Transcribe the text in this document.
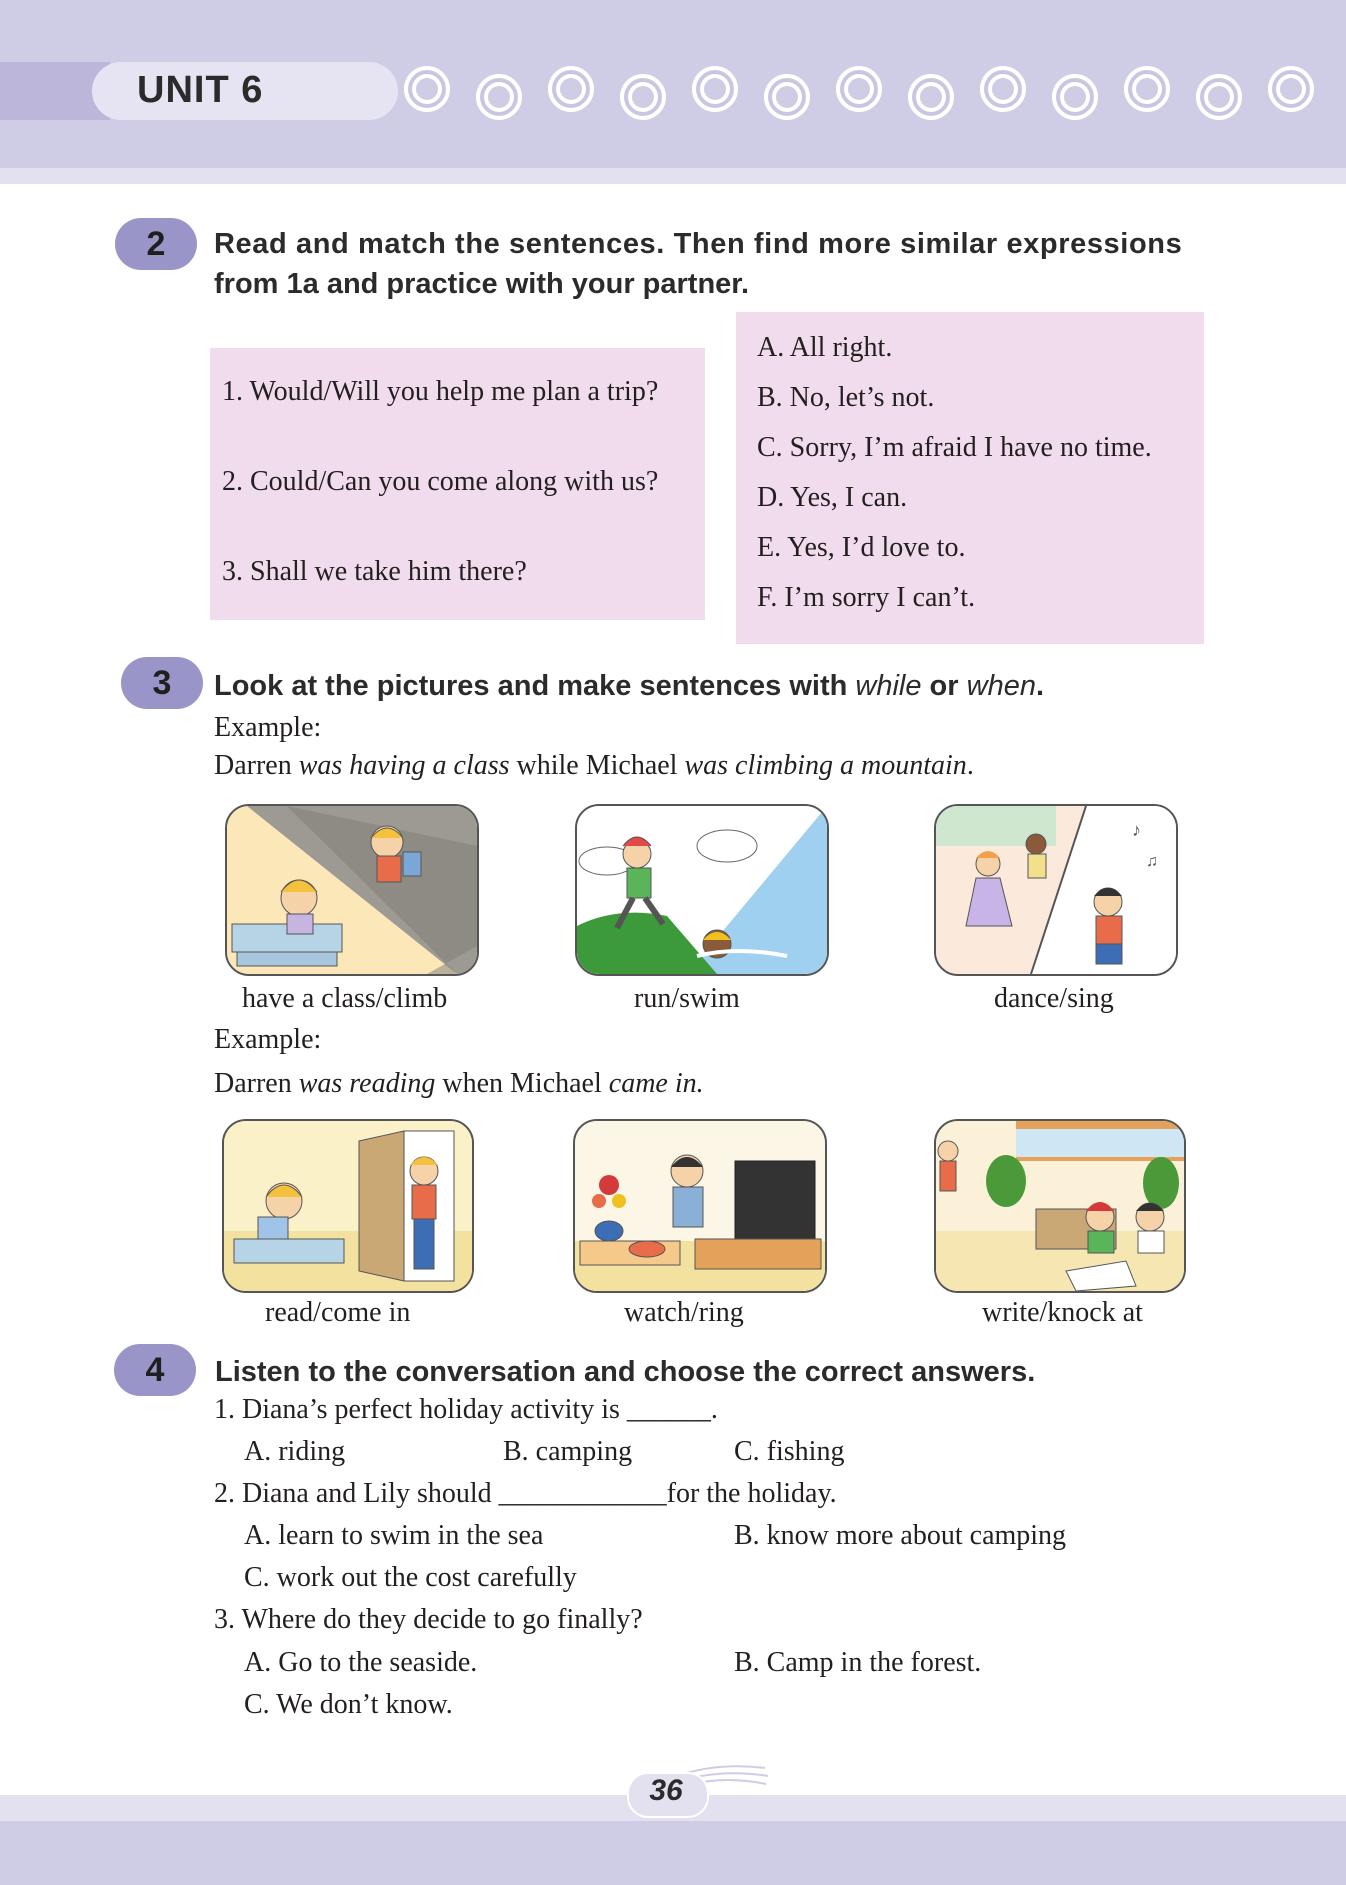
UNIT 6
2	Read and match the sentences. Then find more similar expressions
from 1a and practice with your partner.
1. Would/Will you help me plan a trip?
2. Could/Can you come along with us?
3. Shall we take him there?
A. All right.
B. No, let’s not.
C. Sorry, I’m afraid I have no time.
D. Yes, I can.
E. Yes, I’d love to.
F. I’m sorry I can’t.
3	Look at the pictures and make sentences with while or when.
Example:
Darren was having a class while Michael was climbing a mountain.
♪
♫
have a class/climb	run/swim	dance/sing
Example:
Darren was reading when Michael came in.
read/come in	watch/ring	write/knock at
4	Listen to the conversation and choose the correct answers.
1. Diana’s perfect holiday activity is ______.
A. riding	B. camping	C. fishing
2. Diana and Lily should ____________for the holiday.
A. learn to swim in the sea	B. know more about camping
C. work out the cost carefully
3. Where do they decide to go finally?
A. Go to the seaside.	B. Camp in the forest.
C. We don’t know.
36
